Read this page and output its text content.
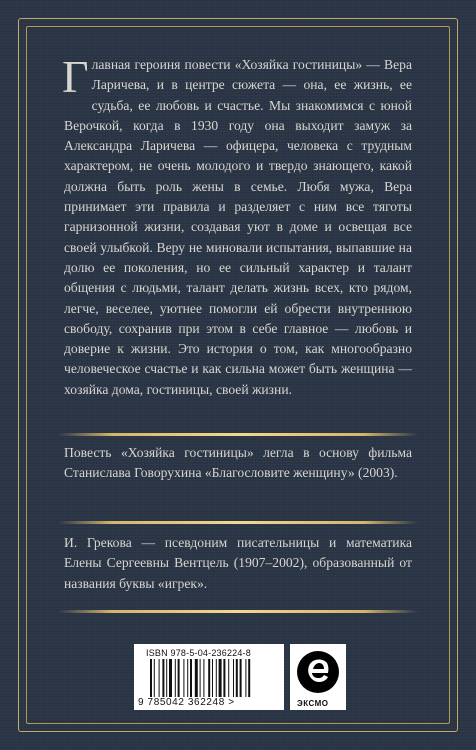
Главная героиня повести «Хозяйка гостиницы» — Вера Ларичева, и в центре сюжета — она, ее жизнь, ее судьба, ее любовь и счастье. Мы знакомимся с юной Верочкой, когда в 1930 году она выходит замуж за Александра Ларичева — офицера, человека с трудным характером, не очень молодого и твердо знающего, какой должна быть роль жены в семье. Любя мужа, Вера принимает эти правила и разделяет с ним все тяготы гарнизонной жизни, создавая уют в доме и освещая все своей улыбкой. Веру не миновали испытания, выпавшие на долю ее поколения, но ее сильный характер и талант общения с людьми, талант делать жизнь всех, кто рядом, легче, веселее, уютнее помогли ей обрести внутреннюю свободу, сохранив при этом в себе главное — любовь и доверие к жизни. Это история о том, как многообразно человеческое счастье и как сильна может быть женщина — хозяйка дома, гостиницы, своей жизни.
Повесть «Хозяйка гостиницы» легла в основу фильма Станислава Говорухина «Благословите женщину» (2003).
И. Грекова — псевдоним писательницы и математика Елены Сергеевны Вентцель (1907–2002), образованный от названия буквы «игрек».
ISBN 978-5-04-236224-8
9 785042 362248 >	ЭКСМО
